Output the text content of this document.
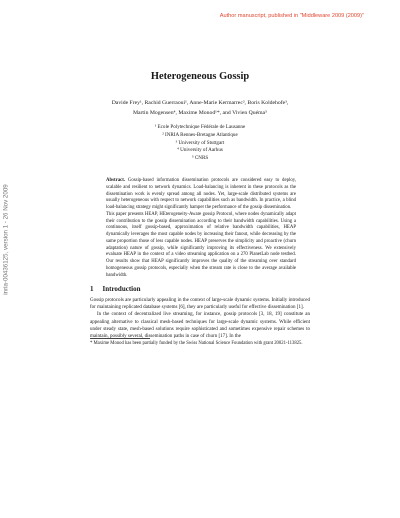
Author manuscript, published in "Middleware 2009 (2009)"
inria-00436125, version 1 - 26 Nov 2009
Heterogeneous Gossip
Davide Frey¹, Rachid Guerraoui¹, Anne-Marie Kermarrec², Boris Koldehofe³,
Martin Mogensen⁴, Maxime Monod¹*, and Vivien Quéma⁵
¹ Ecole Polytechnique Fédérale de Lausanne
² INRIA Rennes-Bretagne Atlantique
³ University of Stuttgart
⁴ University of Aarhus
⁵ CNRS

Abstract. Gossip-based information dissemination protocols are considered easy to deploy, scalable and resilient to network dynamics. Load-balancing is inherent in these protocols as the dissemination work is evenly spread among all nodes. Yet, large-scale distributed systems are usually heterogeneous with respect to network capabilities such as bandwidth. In practice, a blind load-balancing strategy might significantly hamper the performance of the gossip dissemination.

This paper presents HEAP, HEterogeneity-Aware gossip Protocol, where nodes dynamically adapt their contribution to the gossip dissemination according to their bandwidth capabilities. Using a continuous, itself gossip-based, approximation of relative bandwidth capabilities, HEAP dynamically leverages the most capable nodes by increasing their fanout, while decreasing by the same proportion those of less capable nodes. HEAP preserves the simplicity and proactive (churn adaptation) nature of gossip, while significantly improving its effectiveness. We extensively evaluate HEAP in the context of a video streaming application on a 270 PlanetLab node testbed. Our results show that HEAP significantly improves the quality of the streaming over standard homogeneous gossip protocols, especially when the stream rate is close to the average available bandwidth.

1 Introduction

Gossip protocols are particularly appealing in the context of large-scale dynamic systems. Initially introduced for maintaining replicated database systems [6], they are particularly useful for effective dissemination [1].

In the context of decentralized live streaming, for instance, gossip protocols [3, 18, 19] constitute an appealing alternative to classical mesh-based techniques for large-scale dynamic systems. While efficient under steady state, mesh-based solutions require sophisticated and sometimes expensive repair schemes to maintain, possibly several, dissemination paths in case of churn [17]. In the

* Maxime Monod has been partially funded by the Swiss National Science Foundation with grant 20021-113825.
